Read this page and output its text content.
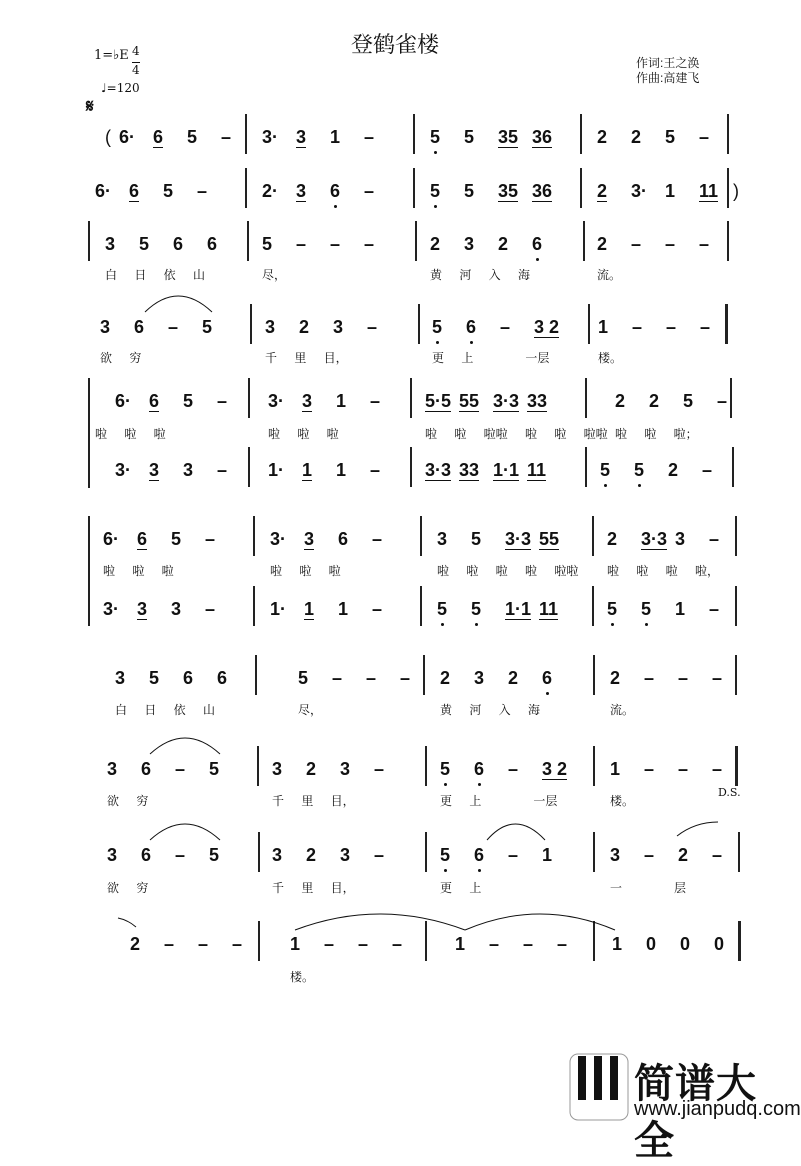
登鹤雀楼
作词:王之涣
作曲:高建飞
1=♭E 4
4
♩=120
𝄋
D.S.
( 6· 6	5	–	3· 3	1	–	5	5	35 36	2	2	5	–
6· 6	5	–	2· 3	6	–	5	5	35 36	2	3· 1	11 )
3	5	6	6	5	–	–	–	2	3	2	6	2	–	–	–
白 日 依 山	尽，	黄 河 入 海	流。
3	6	–	5	3	2	3	–	5	6	–	3 2	1	–	–	–
欲 穷	千 里 目，	更 上   一层	楼。
6· 6	5	–	3· 3	1	–	5·5 55 3·3 33	2	2	5	–
啦 啦 啦	啦 啦 啦	啦 啦 啦啦 啦 啦 啦啦 啦 啦 啦；
3· 3	3	–	1· 1	1	–	3·3 33 1·1 11	5	5	2	–
6· 6	5	–	3· 3	6	–	3	5	3·3 55	2	3·3 3	–
啦 啦 啦	啦 啦 啦	啦 啦 啦 啦 啦啦 啦 啦 啦 啦，
3· 3	3	–	1· 1	1	–	5	5	1·1 11	5	5	1	–
3	5	6	6	5	–	–	–	2	3	2	6	2	–	–	–
白 日 依 山	尽，	黄 河 入 海	流。
3	6	–	5	3	2	3	–	5	6	–	3 2	1	–	–	–
欲 穷	千 里 目，	更 上   一层	楼。
3	6	–	5	3	2	3	–	5	6	–	1	3	–	2	–
欲 穷	千 里 目，	更 上	一   层
2	–	–	–	1	–	–	–	1	–	–	–	1	0	0	0
楼。
简谱大全
www.jianpudq.com
